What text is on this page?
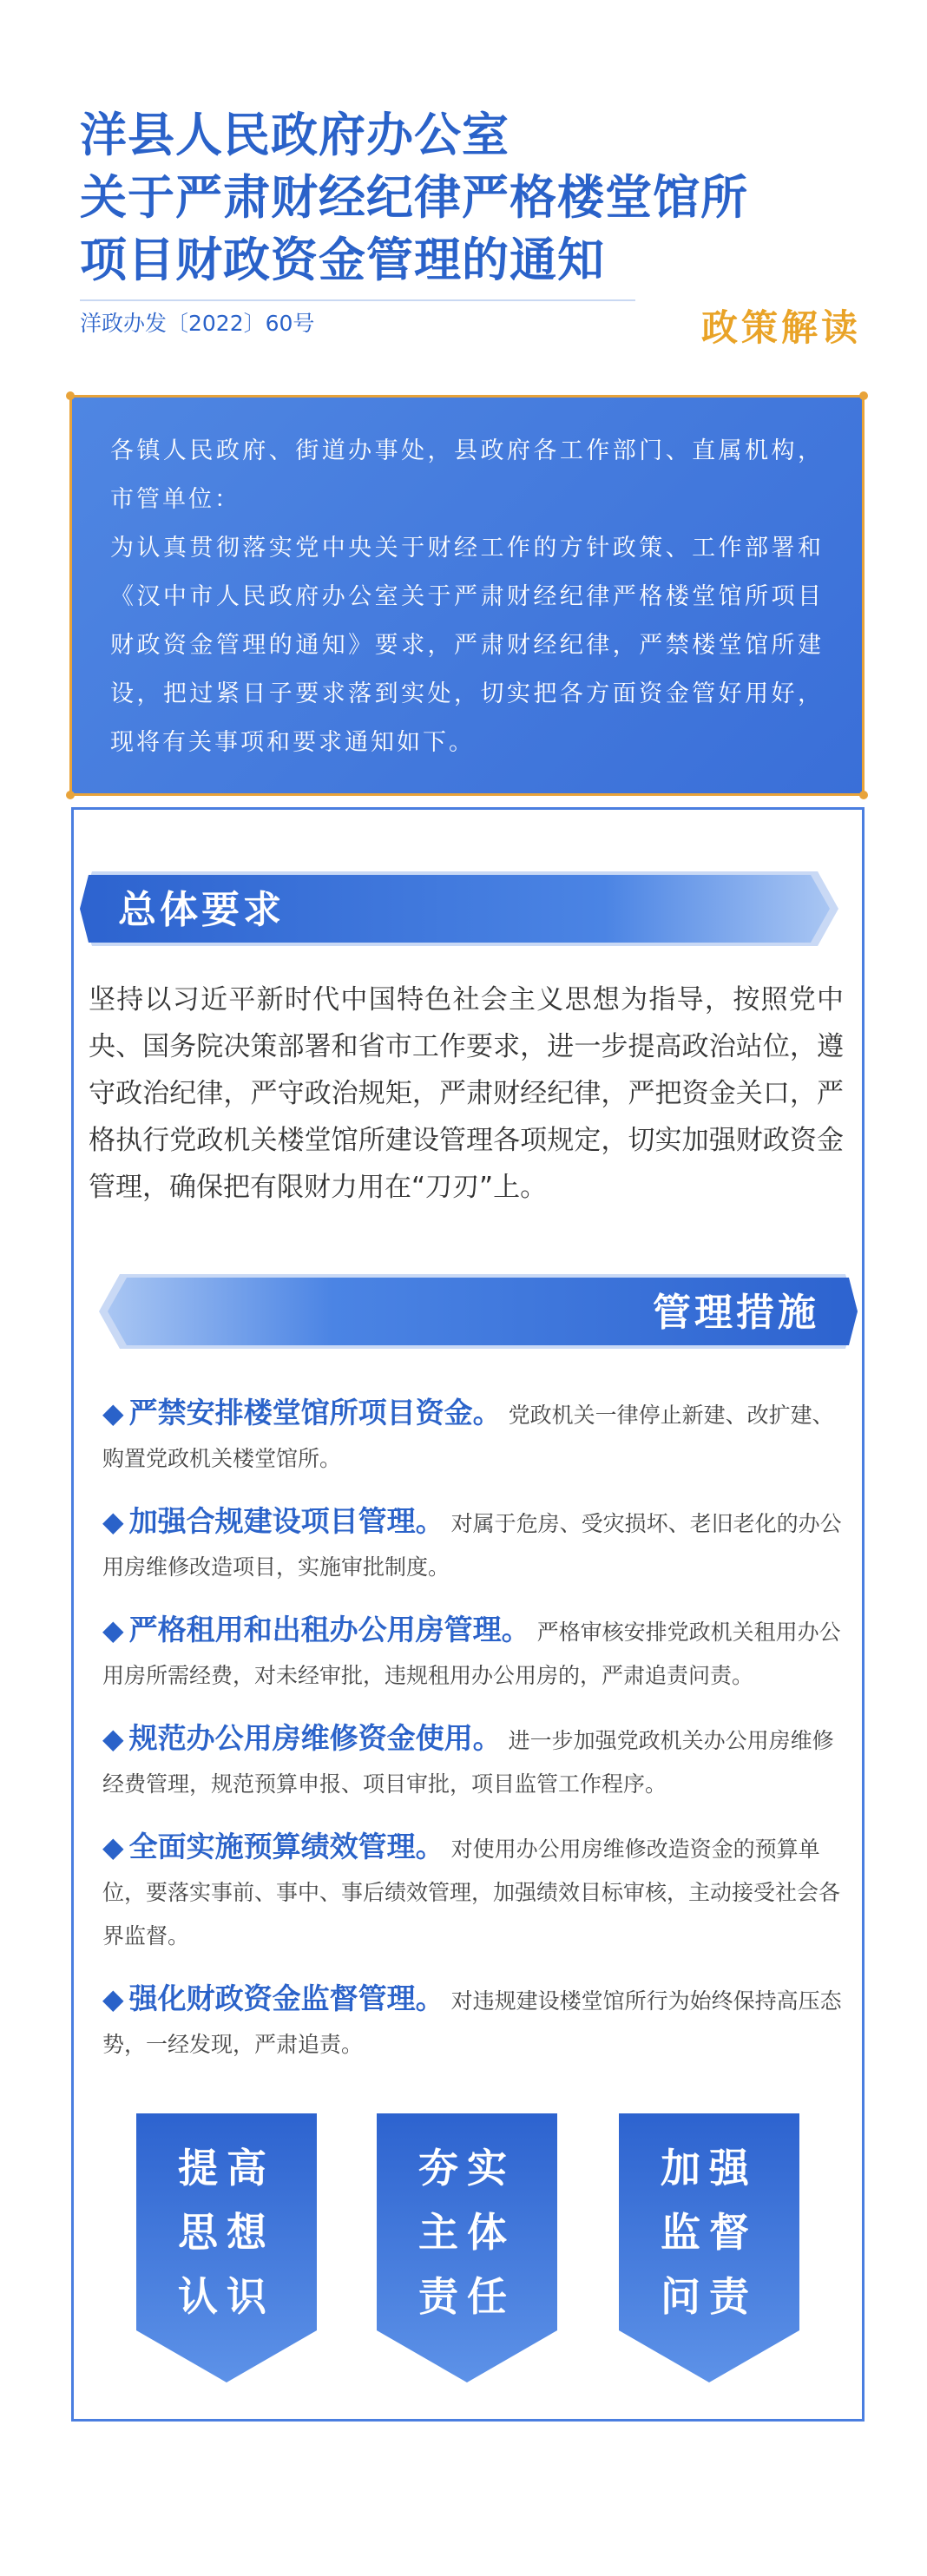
洋县人民政府办公室
关于严肃财经纪律严格楼堂馆所
项目财政资金管理的通知
洋政办发〔2022〕60号	政策解读

各镇人民政府、街道办事处，县政府各工作部门、直属机构，市管单位：

为认真贯彻落实党中央关于财经工作的方针政策、工作部署和《汉中市人民政府办公室关于严肃财经纪律严格楼堂馆所项目财政资金管理的通知》要求，严肃财经纪律，严禁楼堂馆所建设，把过紧日子要求落到实处，切实把各方面资金管好用好，现将有关事项和要求通知如下。

总体要求
坚持以习近平新时代中国特色社会主义思想为指导，按照党中央、国务院决策部署和省市工作要求，进一步提高政治站位，遵守政治纪律，严守政治规矩，严肃财经纪律，严把资金关口，严格执行党政机关楼堂馆所建设管理各项规定，切实加强财政资金管理，确保把有限财力用在“刀刃”上。
管理措施
◆ 严禁安排楼堂馆所项目资金。 党政机关一律停止新建、改扩建、购置党政机关楼堂馆所。
◆ 加强合规建设项目管理。 对属于危房、受灾损坏、老旧老化的办公用房维修改造项目，实施审批制度。
◆ 严格租用和出租办公用房管理。 严格审核安排党政机关租用办公用房所需经费，对未经审批，违规租用办公用房的，严肃追责问责。
◆ 规范办公用房维修资金使用。 进一步加强党政机关办公用房维修经费管理，规范预算申报、项目审批，项目监管工作程序。
◆ 全面实施预算绩效管理。 对使用办公用房维修改造资金的预算单位，要落实事前、事中、事后绩效管理，加强绩效目标审核，主动接受社会各界监督。
◆ 强化财政资金监督管理。 对违规建设楼堂馆所行为始终保持高压态势，一经发现，严肃追责。
提高
思想
认识
夯实
主体
责任
加强
监督
问责
